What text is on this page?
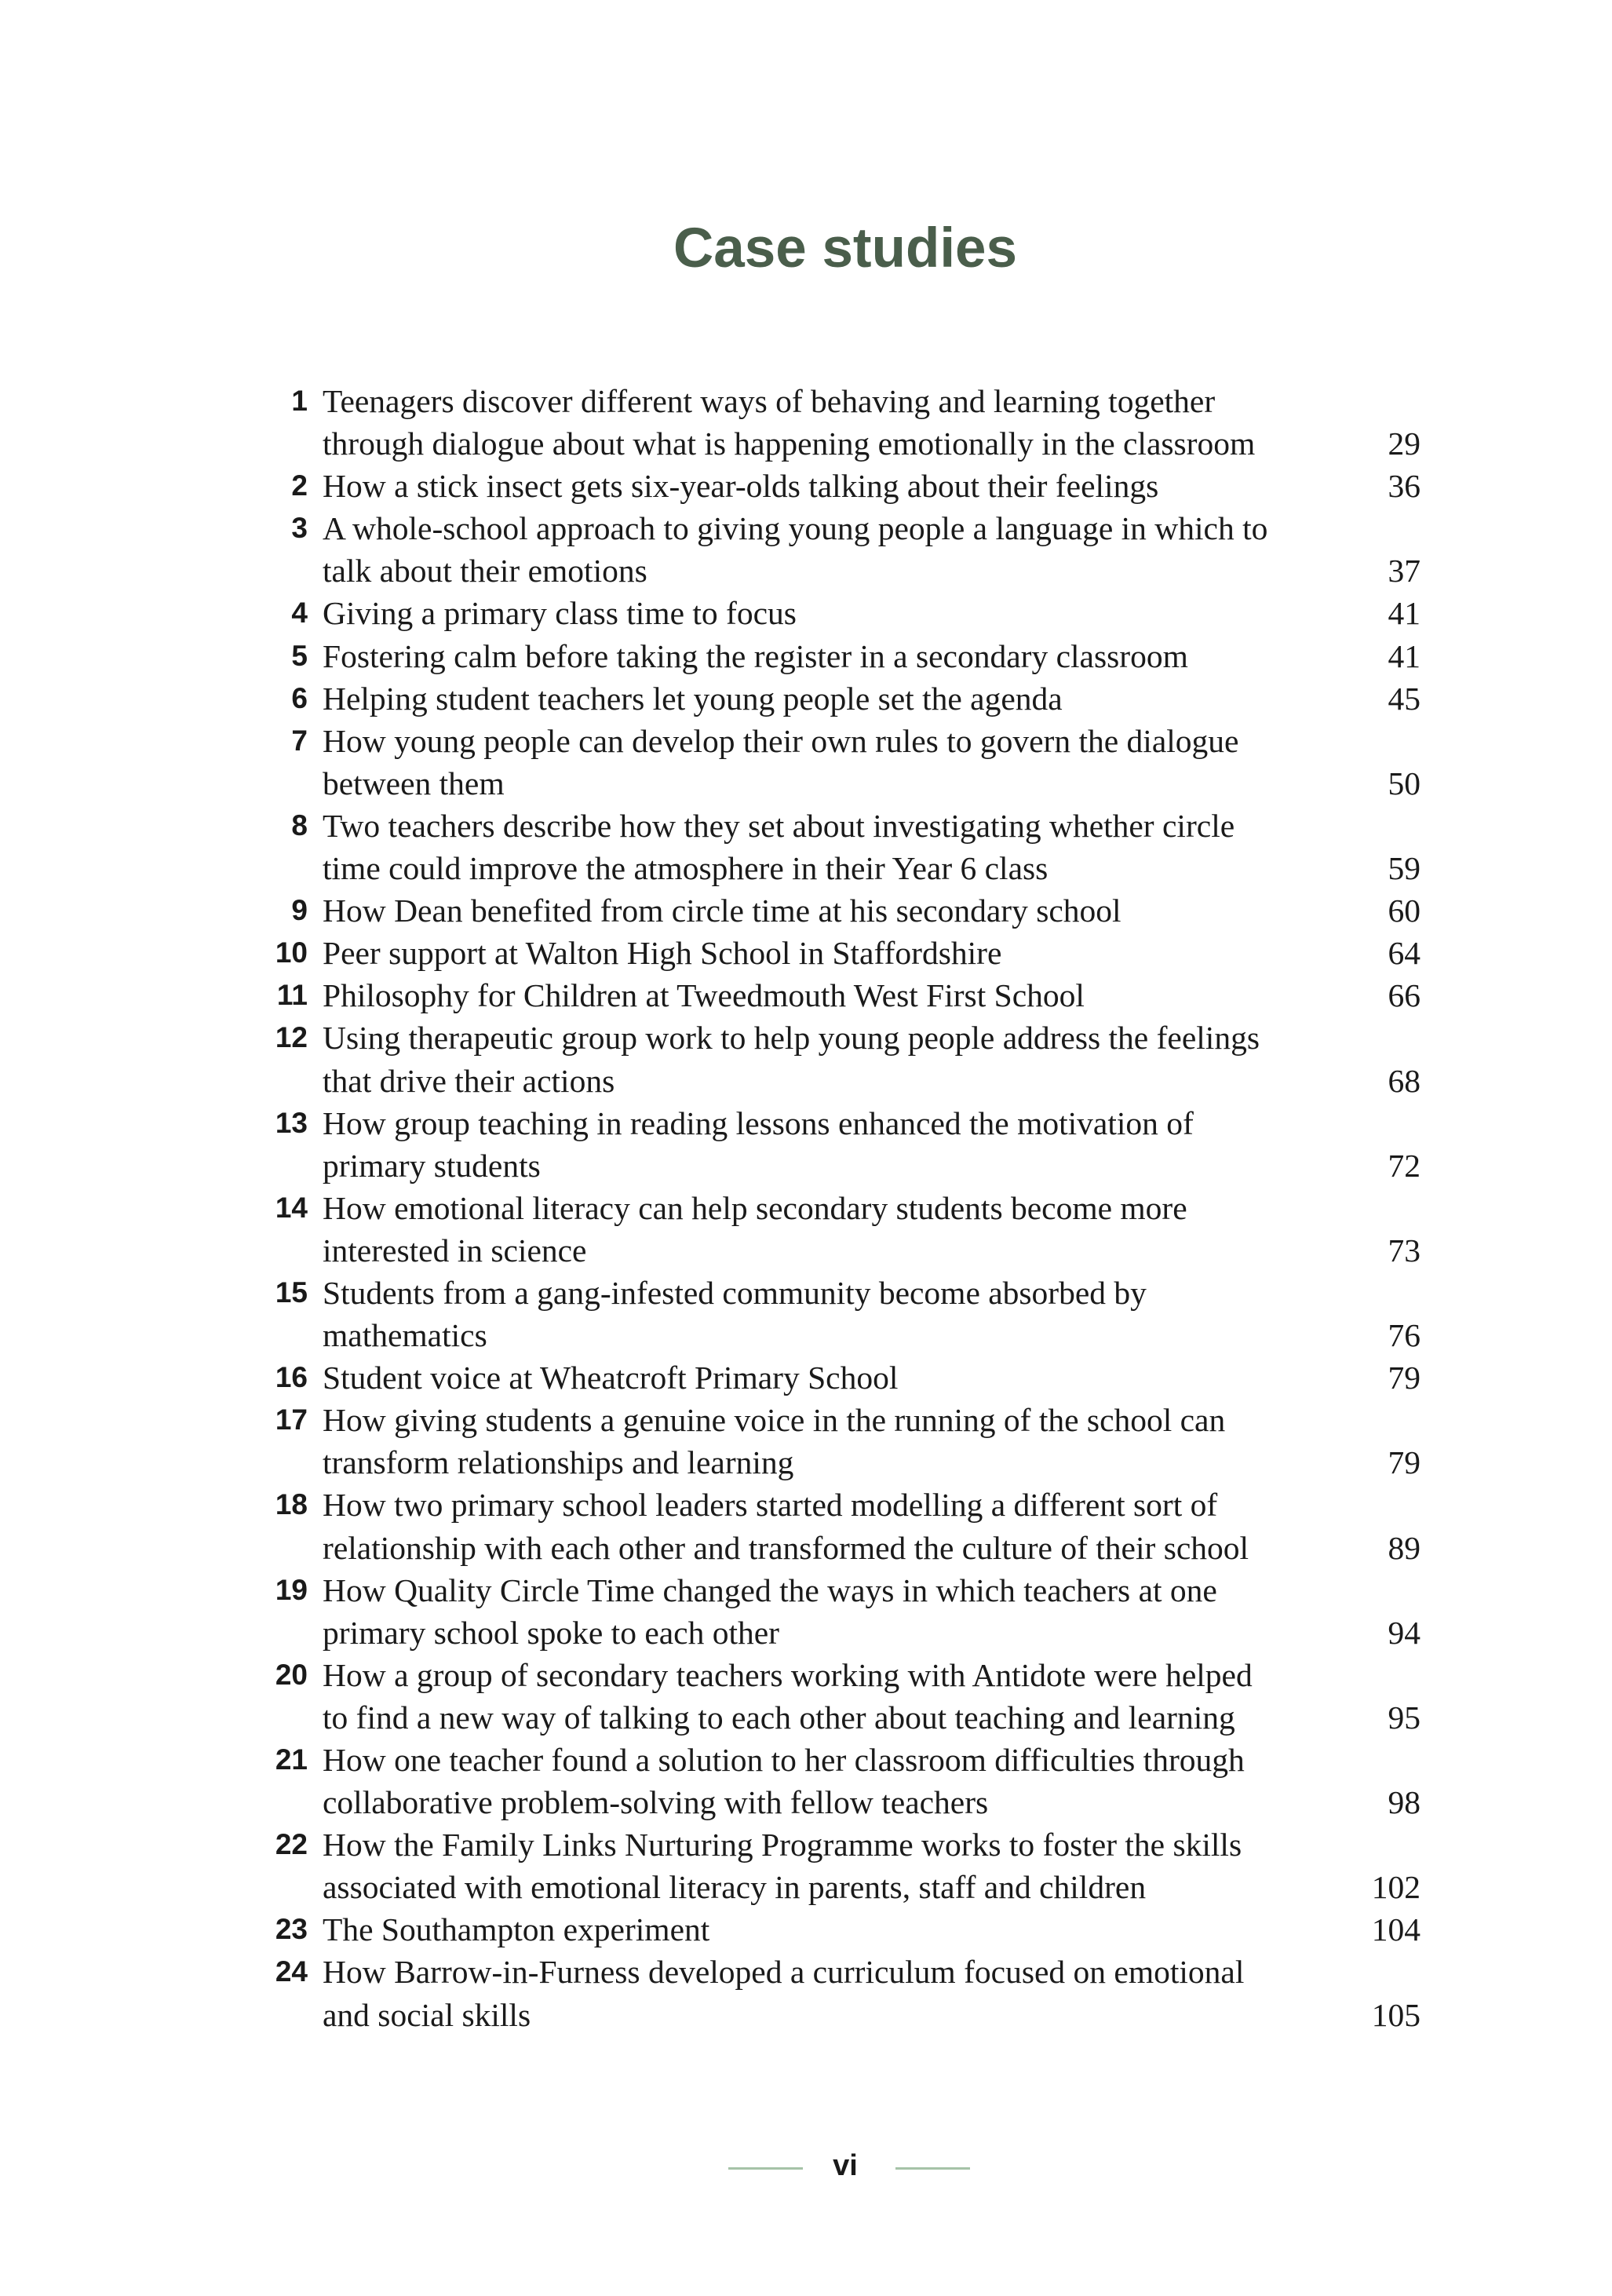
Case studies
1 Teenagers discover different ways of behaving and learning together
through dialogue about what is happening emotionally in the classroom	29
2 How a stick insect gets six-year-olds talking about their feelings	36
3 A whole-school approach to giving young people a language in which to
talk about their emotions	37
4 Giving a primary class time to focus	41
5 Fostering calm before taking the register in a secondary classroom	41
6 Helping student teachers let young people set the agenda	45
7 How young people can develop their own rules to govern the dialogue
between them	50
8 Two teachers describe how they set about investigating whether circle
time could improve the atmosphere in their Year 6 class	59
9 How Dean benefited from circle time at his secondary school	60
10 Peer support at Walton High School in Staffordshire	64
11 Philosophy for Children at Tweedmouth West First School	66
12 Using therapeutic group work to help young people address the feelings
that drive their actions	68
13 How group teaching in reading lessons enhanced the motivation of
primary students	72
14 How emotional literacy can help secondary students become more
interested in science	73
15 Students from a gang-infested community become absorbed by
mathematics	76
16 Student voice at Wheatcroft Primary School	79
17 How giving students a genuine voice in the running of the school can
transform relationships and learning	79
18 How two primary school leaders started modelling a different sort of
relationship with each other and transformed the culture of their school	89
19 How Quality Circle Time changed the ways in which teachers at one
primary school spoke to each other	94
20 How a group of secondary teachers working with Antidote were helped
to find a new way of talking to each other about teaching and learning	95
21 How one teacher found a solution to her classroom difficulties through
collaborative problem-solving with fellow teachers	98
22 How the Family Links Nurturing Programme works to foster the skills
associated with emotional literacy in parents, staff and children	102
23 The Southampton experiment	104
24 How Barrow-in-Furness developed a curriculum focused on emotional
and social skills	105
vi
